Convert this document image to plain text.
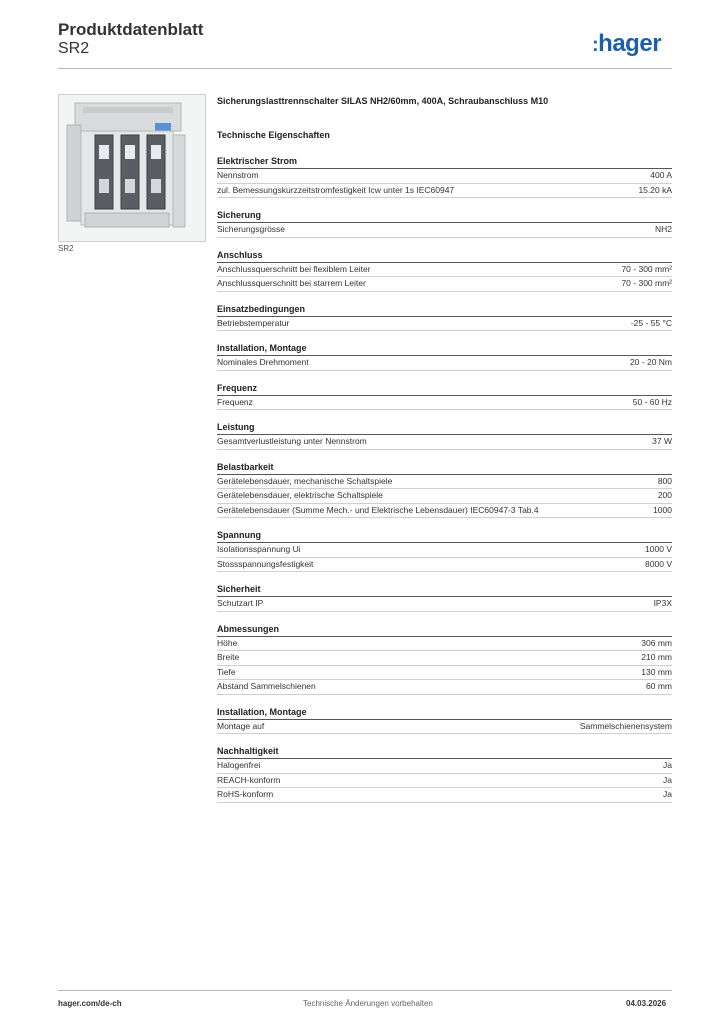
Produktdatenblatt
SR2	:hager
SR2
Sicherungslasttrennschalter SILAS NH2/60mm, 400A, Schraubanschluss M10
Technische Eigenschaften
Elektrischer Strom
Nennstrom	400 A
zul. Bemessungskurzzeitstromfestigkeit Icw unter 1s IEC60947	15.20 kA
Sicherung
Sicherungsgrösse	NH2
Anschluss
Anschlussquerschnitt bei flexiblem Leiter	70 - 300 mm²
Anschlussquerschnitt bei starrem Leiter	70 - 300 mm²
Einsatzbedingungen
Betriebstemperatur	-25 - 55 °C
Installation, Montage
Nominales Drehmoment	20 - 20 Nm
Frequenz
Frequenz	50 - 60 Hz
Leistung
Gesamtverlustleistung unter Nennstrom	37 W
Belastbarkeit
Gerätelebensdauer, mechanische Schaltspiele	800
Gerätelebensdauer, elektrische Schaltspiele	200
Gerätelebensdauer (Summe Mech.- und Elektrische Lebensdauer) IEC60947-3 Tab.4	1000
Spannung
Isolationsspannung Ui	1000 V
Stossspannungsfestigkeit	8000 V
Sicherheit
Schutzart IP	IP3X
Abmessungen
Höhe	306 mm
Breite	210 mm
Tiefe	130 mm
Abstand Sammelschienen	60 mm
Installation, Montage
Montage auf	Sammelschienensystem
Nachhaltigkeit
Halogenfrei	Ja
REACH-konform	Ja
RoHS-konform	Ja
hager.com/de-ch	Technische Änderungen vorbehalten	04.03.2026
